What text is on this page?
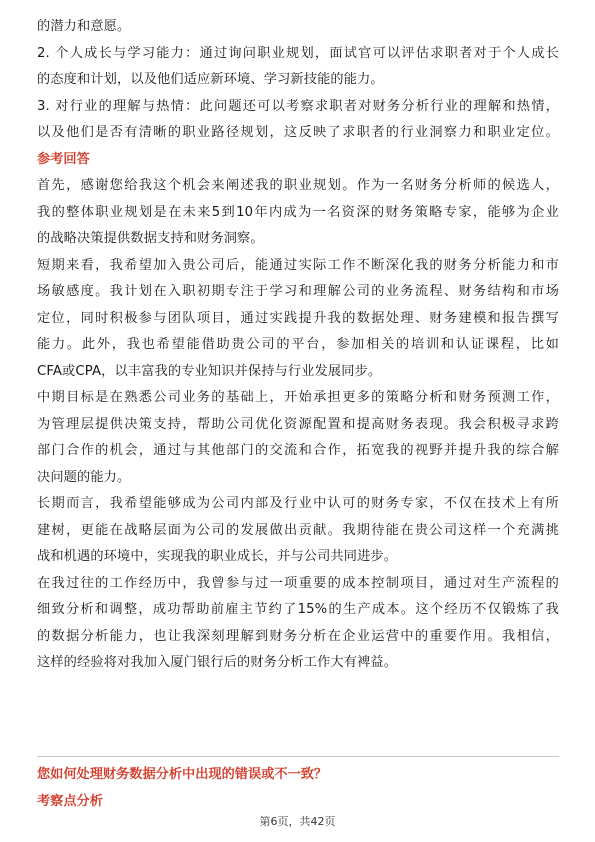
的潜力和意愿。
2. 个人成长与学习能力：通过询问职业规划，面试官可以评估求职者对于个人成长
的态度和计划，以及他们适应新环境、学习新技能的能力。
3. 对行业的理解与热情：此问题还可以考察求职者对财务分析行业的理解和热情，
以及他们是否有清晰的职业路径规划，这反映了求职者的行业洞察力和职业定位。
参考回答
首先，感谢您给我这个机会来阐述我的职业规划。作为一名财务分析师的候选人，
我的整体职业规划是在未来5到10年内成为一名资深的财务策略专家，能够为企业
的战略决策提供数据支持和财务洞察。
短期来看，我希望加入贵公司后，能通过实际工作不断深化我的财务分析能力和市
场敏感度。我计划在入职初期专注于学习和理解公司的业务流程、财务结构和市场
定位，同时积极参与团队项目，通过实践提升我的数据处理、财务建模和报告撰写
能力。此外，我也希望能借助贵公司的平台，参加相关的培训和认证课程，比如
CFA或CPA，以丰富我的专业知识并保持与行业发展同步。
中期目标是在熟悉公司业务的基础上，开始承担更多的策略分析和财务预测工作，
为管理层提供决策支持，帮助公司优化资源配置和提高财务表现。我会积极寻求跨
部门合作的机会，通过与其他部门的交流和合作，拓宽我的视野并提升我的综合解
决问题的能力。
长期而言，我希望能够成为公司内部及行业中认可的财务专家，不仅在技术上有所
建树，更能在战略层面为公司的发展做出贡献。我期待能在贵公司这样一个充满挑
战和机遇的环境中，实现我的职业成长，并与公司共同进步。
在我过往的工作经历中，我曾参与过一项重要的成本控制项目，通过对生产流程的
细致分析和调整，成功帮助前雇主节约了15%的生产成本。这个经历不仅锻炼了我
的数据分析能力，也让我深刻理解到财务分析在企业运营中的重要作用。我相信，
这样的经验将对我加入厦门银行后的财务分析工作大有裨益。
您如何处理财务数据分析中出现的错误或不一致？
考察点分析
第6页，共42页
